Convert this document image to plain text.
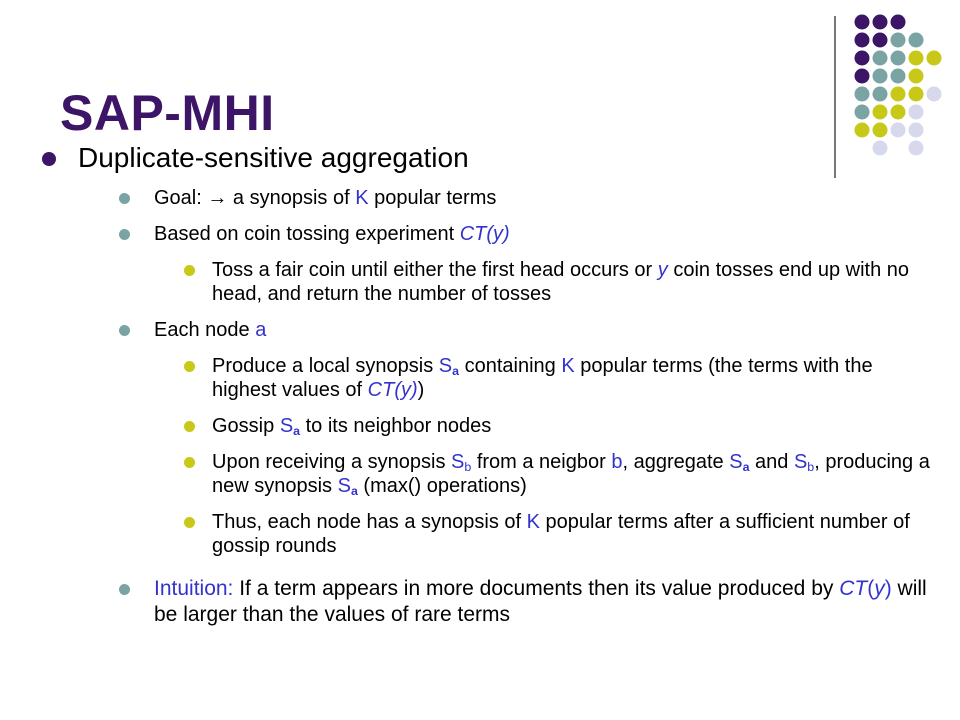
SAP-MHI
Duplicate-sensitive aggregation
Goal: → a synopsis of K popular terms
Based on coin tossing experiment CT(y)
Toss a fair coin until either the first head occurs or y coin tosses end up with no head, and return the number of tosses
Each node a
Produce a local synopsis $S_a$ containing K popular terms (the terms with the highest values of CT(y))
Gossip $S_a$ to its neighbor nodes
Upon receiving a synopsis $S_b$ from a neigbor b, aggregate $S_a$ and $S_b$, producing a new synopsis $S_a$ (max() operations)
Thus, each node has a synopsis of K popular terms after a sufficient number of gossip rounds
Intuition: If a term appears in more documents then its value produced by CT(y) will be larger than the values of rare terms
